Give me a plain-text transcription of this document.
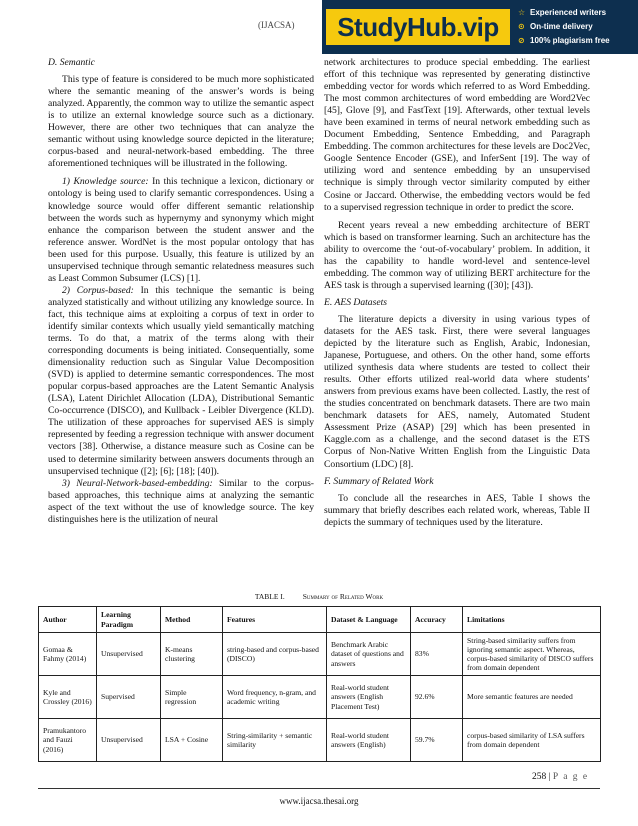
(IJACSA)	StudyHub.vip	☆ Experienced writers
⊙ On-time delivery
⊘ 100% plagiarism free

D. Semantic

This type of feature is considered to be much more sophisticated where the semantic meaning of the answer’s words is being analyzed. Apparently, the common way to utilize the semantic aspect is to utilize an external knowledge source such as a dictionary. However, there are other two techniques that can analyze the semantic without using knowledge source depicted in the literature; corpus-based and neural-network-based embedding. The three aforementioned techniques will be illustrated in the following.

1) Knowledge source: In this technique a lexicon, dictionary or ontology is being used to clarify semantic correspondences. Using a knowledge source would offer different semantic relationship between the words such as hypernymy and synonymy which might enhance the comparison between the student answer and the reference answer. WordNet is the most popular ontology that has been used for this purpose. Usually, this feature is utilized by an unsupervised technique through semantic relatedness measures such as Least Common Subsumer (LCS) [1].

2) Corpus-based: In this technique the semantic is being analyzed statistically and without utilizing any knowledge source. In fact, this technique aims at exploiting a corpus of text in order to identify similar contexts which usually yield semantically matching terms. To do that, a matrix of the terms along with their corresponding documents is being initiated. Consequentially, some dimensionality reduction such as Singular Value Decomposition (SVD) is applied to determine semantic correspondences. The most popular corpus-based approaches are the Latent Semantic Analysis (LSA), Latent Dirichlet Allocation (LDA), Distributional Semantic Co-occurrence (DISCO), and Kullback - Leibler Divergence (KLD). The utilization of these approaches for supervised AES is simply represented by feeding a regression technique with answer document vectors [38]. Otherwise, a distance measure such as Cosine can be used to determine similarity between answers documents through an unsupervised technique ([2]; [6]; [18]; [40]).

3) Neural-Network-based-embedding: Similar to the corpus-based approaches, this technique aims at analyzing the semantic aspect of the text without the use of knowledge source. The key distinguishes here is the utilization of neural

network architectures to produce special embedding. The earliest effort of this technique was represented by generating distinctive embedding vector for words which referred to as Word Embedding. The most common architectures of word embedding are Word2Vec [45], Glove [9], and FastText [19]. Afterwards, other textual levels have been examined in terms of neural network embedding such as Document Embedding, Sentence Embedding, and Paragraph Embedding. The common architectures for these levels are Doc2Vec, Google Sentence Encoder (GSE), and InferSent [19]. The way of utilizing word and sentence embedding by an unsupervised technique is simply through vector similarity computed by either Cosine or Jaccard. Otherwise, the embedding vectors would be fed to a supervised regression technique in order to predict the score.

Recent years reveal a new embedding architecture of BERT which is based on transformer learning. Such an architecture has the ability to overcome the ‘out-of-vocabulary’ problem. In addition, it has the capability to handle word-level and sentence-level embedding. The common way of utilizing BERT architecture for the AES task is through a supervised learning ([30]; [43]).

E. AES Datasets

The literature depicts a diversity in using various types of datasets for the AES task. First, there were several languages depicted by the literature such as English, Arabic, Indonesian, Japanese, Portuguese, and others. On the other hand, some efforts utilized synthesis data where students are tested to collect their results. Other efforts utilized real-world data where students’ answers from previous exams have been collected. Lastly, the rest of the studies concentrated on benchmark datasets. There are two main benchmark datasets for AES, namely, Automated Student Assessment Prize (ASAP) [29] which has been presented in Kaggle.com as a challenge, and the second dataset is the ETS Corpus of Non-Native Written English from the Linguistic Data Consortium (LDC) [8].

F. Summary of Related Work

To conclude all the researches in AES, Table I shows the summary that briefly describes each related work, whereas, Table II depicts the summary of techniques used by the literature.

TABLE I. Summary of Related Work
Author	Learning Paradigm	Method	Features	Dataset & Language	Accuracy	Limitations
Gomaa & Fahmy (2014)	Unsupervised	K-means clustering	string-based and corpus-based (DISCO)	Benchmark Arabic dataset of questions and answers	83%	String-based similarity suffers from ignoring semantic aspect. Whereas, corpus-based similarity of DISCO suffers from domain dependent
Kyle and Crossley (2016)	Supervised	Simple regression	Word frequency, n-gram, and academic writing	Real-world student answers (English Placement Test)	92.6%	More semantic features are needed
Pramukantoro and Fauzi (2016)	Unsupervised	LSA + Cosine	String-similarity + semantic similarity	Real-world student answers (English)	59.7%	corpus-based similarity of LSA suffers from domain dependent
258 | P a g e
www.ijacsa.thesai.org
